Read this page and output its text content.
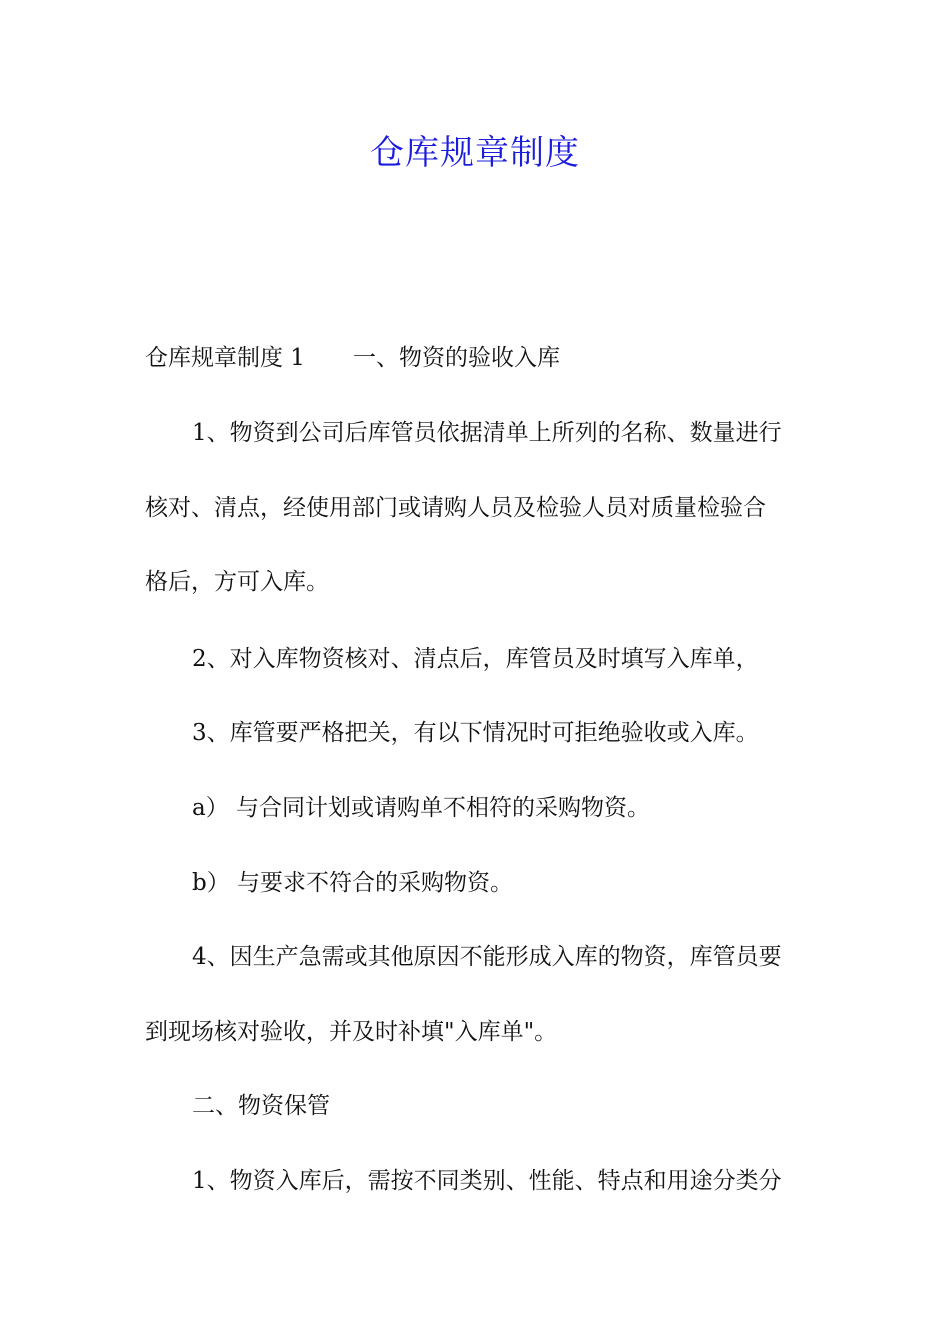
仓库规章制度
仓库规章制度 1 一、物资的验收入库
1、物资到公司后库管员依据清单上所列的名称、数量进行
核对、清点，经使用部门或请购人员及检验人员对质量检验合
格后，方可入库。
2、对入库物资核对、清点后，库管员及时填写入库单，
3、库管要严格把关，有以下情况时可拒绝验收或入库。
a） 与合同计划或请购单不相符的采购物资。
b） 与要求不符合的采购物资。
4、因生产急需或其他原因不能形成入库的物资，库管员要
到现场核对验收，并及时补填"入库单"。
二、物资保管
1、物资入库后，需按不同类别、性能、特点和用途分类分
